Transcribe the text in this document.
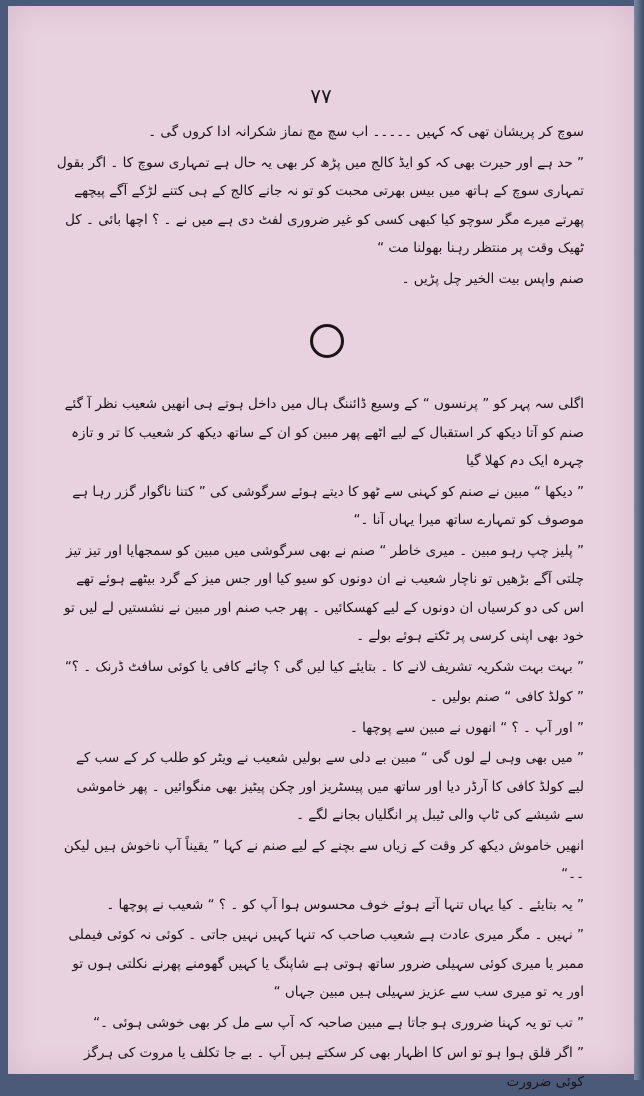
٧٧

سوچ کر پریشان تھی کہ کہیں ۔۔۔۔۔ اب سچ مچ نماز شکرانہ ادا کروں گی ۔

” حد ہے اور حیرت بھی کہ کو ایڈ کالج میں پڑھ کر بھی یہ حال ہے تمہاری سوچ کا ۔ اگر بقول تمہاری سوچ کے ہاتھ میں بیس بھرتی محبت کو تو نہ جانے کالج کے ہی کتنے لڑکے آگے پیچھے پھرتے میرے مگر سوچو کیا کبھی کسی کو غیر ضروری لفٹ دی ہے میں نے ۔ ؟ اچھا بائی ۔ کل ٹھیک وقت پر منتظر رہنا بھولنا مت “

صنم واپس بیت الخیر چل پڑیں ۔

اگلی سہ پہر کو ” پرنسوں “ کے وسیع ڈائننگ ہال میں داخل ہوتے ہی انھیں شعیب نظر آ گئے صنم کو آتا دیکھ کر استقبال کے لیے اٹھے پھر مبین کو ان کے ساتھ دیکھ کر شعیب کا تر و تازہ چہرہ ایک دم کھلا گیا

” دیکھا “ مبین نے صنم کو کہنی سے ٹھو کا دیتے ہوئے سرگوشی کی ” کتنا ناگوار گزر رہا ہے موصوف کو تمہارے ساتھ میرا یہاں آنا ۔“

” پلیز چپ رہو مبین ۔ میری خاطر “ صنم نے بھی سرگوشی میں مبین کو سمجھایا اور تیز تیز چلتی آگے بڑھیں تو ناچار شعیب نے ان دونوں کو سیو کیا اور جس میز کے گرد بیٹھے ہوئے تھے اس کی دو کرسیاں ان دونوں کے لیے کھسکائیں ۔ پھر جب صنم اور مبین نے نشستیں لے لیں تو خود بھی اپنی کرسی پر ٹکتے ہوئے بولے ۔

” بہت بہت شکریہ تشریف لانے کا ۔ بتایئے کیا لیں گی ؟ چائے کافی یا کوئی سافٹ ڈرنک ۔ ؟“

” کولڈ کافی “ صنم بولیں ۔

” اور آپ ۔ ؟ “ انھوں نے مبین سے پوچھا ۔

” میں بھی وہی لے لوں گی “ مبین بے دلی سے بولیں شعیب نے ویٹر کو طلب کر کے سب کے لیے کولڈ کافی کا آرڈر دیا اور ساتھ میں پیسٹریز اور چکن پیٹیز بھی منگوائیں ۔ پھر خاموشی سے شیشے کی ٹاپ والی ٹیبل پر انگلیاں بجانے لگے ۔

انھیں خاموش دیکھ کر وقت کے زیاں سے بچنے کے لیے صنم نے کہا ” یقیناً آپ ناخوش ہیں لیکن ۔۔“

” یہ بتایئے ۔ کیا یہاں تنہا آتے ہوئے خوف محسوس ہوا آپ کو ۔ ؟ “ شعیب نے پوچھا ۔

” نہیں ۔ مگر میری عادت ہے شعیب صاحب کہ تنہا کہیں نہیں جاتی ۔ کوئی نہ کوئی فیملی ممبر یا میری کوئی سہیلی ضرور ساتھ ہوتی ہے شاپنگ یا کہیں گھومنے پھرنے نکلتی ہوں تو اور یہ تو میری سب سے عزیز سہیلی ہیں مبین جہاں “

” تب تو یہ کہنا ضروری ہو جاتا ہے مبین صاحبہ کہ آپ سے مل کر بھی خوشی ہوئی ۔“

” اگر قلق ہوا ہو تو اس کا اظہار بھی کر سکتے ہیں آپ ۔ بے جا تکلف یا مروت کی ہرگز کوئی ضرورت
